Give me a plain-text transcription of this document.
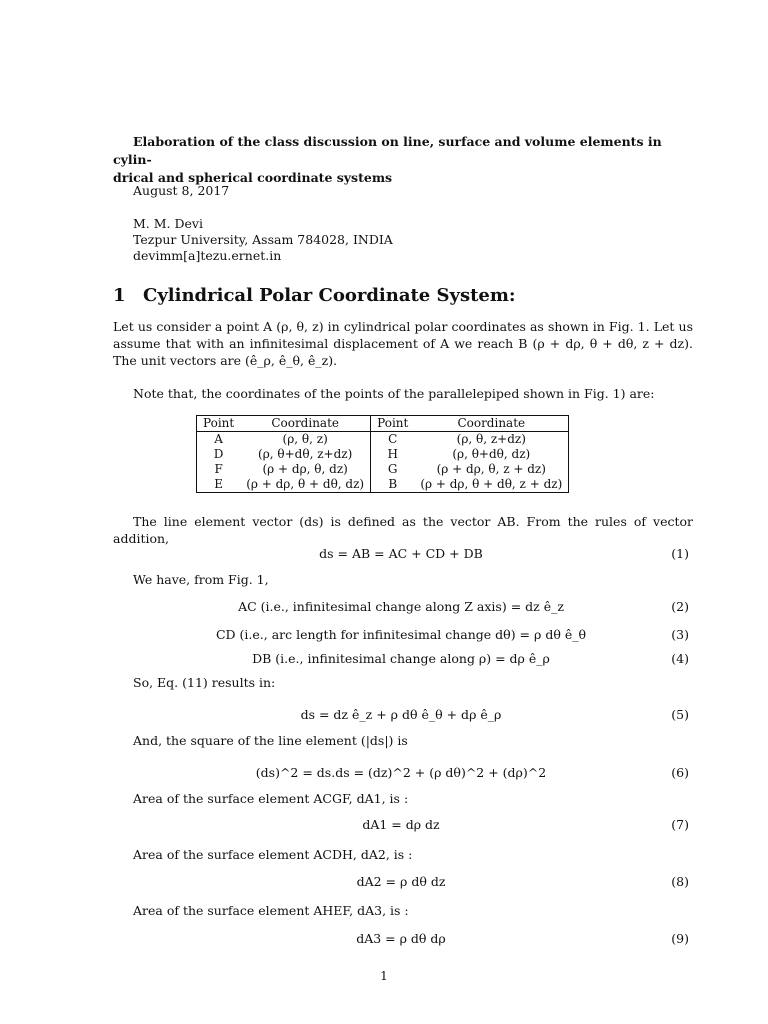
Elaboration of the class discussion on line, surface and volume elements in cylin-
drical and spherical coordinate systems
August 8, 2017
M. M. Devi
Tezpur University, Assam 784028, INDIA
devimm[a]tezu.ernet.in
1 Cylindrical Polar Coordinate System:
Let us consider a point A (ρ, θ, z) in cylindrical polar coordinates as shown in Fig. 1. Let us assume that with an infinitesimal displacement of A we reach B (ρ + dρ, θ + dθ, z + dz). The unit vectors are (ê_ρ, ê_θ, ê_z).
Note that, the coordinates of the points of the parallelepiped shown in Fig. 1) are:
Point	Coordinate	Point	Coordinate
A	(ρ, θ, z)	C	(ρ, θ, z+dz)
D	(ρ, θ+dθ, z+dz)	H	(ρ, θ+dθ, dz)
F	(ρ + dρ, θ, dz)	G	(ρ + dρ, θ, z + dz)
E	(ρ + dρ, θ + dθ, dz)	B	(ρ + dρ, θ + dθ, z + dz)
The line element vector (ds) is defined as the vector AB. From the rules of vector addition,
ds = AB = AC + CD + DB	(1)
We have, from Fig. 1,
AC (i.e., infinitesimal change along Z axis) = dz ê_z	(2)
CD (i.e., arc length for infinitesimal change dθ) = ρ dθ ê_θ	(3)
DB (i.e., infinitesimal change along ρ) = dρ ê_ρ	(4)
So, Eq. (11) results in:
ds = dz ê_z + ρ dθ ê_θ + dρ ê_ρ	(5)
And, the square of the line element (|ds|) is
(ds)^2 = ds.ds = (dz)^2 + (ρ dθ)^2 + (dρ)^2	(6)
Area of the surface element ACGF, dA1, is :
dA1 = dρ dz	(7)
Area of the surface element ACDH, dA2, is :
dA2 = ρ dθ dz	(8)
Area of the surface element AHEF, dA3, is :
dA3 = ρ dθ dρ	(9)
1
